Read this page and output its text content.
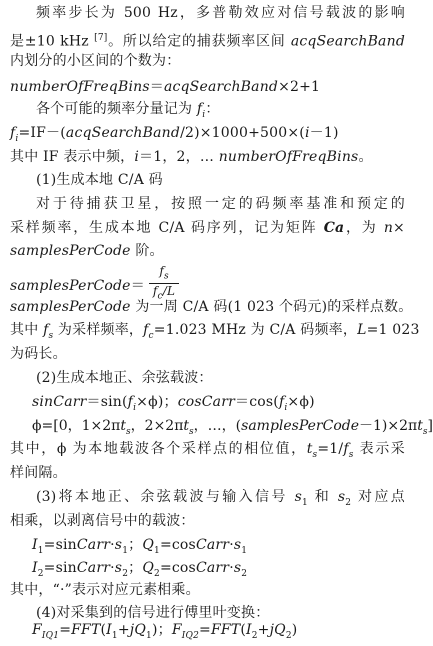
频率步长为 500 Hz，多普勒效应对信号载波的影响
是±10 kHz [7]。所以给定的捕获频率区间 acqSearchBand
内划分的小区间的个数为：
numberOfFreqBins＝acqSearchBand×2+1
各个可能的频率分量记为 $f_i$：
$f_i=IF-(acqSearchBand/2)\times 1000+500\times(i-1)$
其中 IF 表示中频，i＝1，2，… numberOfFreqBins。
(1)生成本地 C/A 码
对于待捕获卫星，按照一定的码频率基准和预定的
采样频率，生成本地 C/A 码序列，记为矩阵 Ca，为 n×
samplesPerCode 阶。
samplesPerCode＝ $\frac{f_s}{f_c/L}$
samplesPerCode 为一周 C/A 码(1 023 个码元)的采样点数。
其中 $f_s$ 为采样频率，$f_c=1.023$ MHz 为 C/A 码频率，L=1 023
为码长。
(2)生成本地正、余弦载波：
$sinCarr=\sin(f_i\times\phi)$；$cosCarr=\cos(f_i\times\phi)$
ϕ=[0，$1\times 2\pi t_s$，$2\times 2\pi t_s$，…，$(samplesPerCode-1)\times 2\pi t_s$]
其中，ϕ 为本地载波各个采样点的相位值，$t_s=1/f_s$ 表示采
样间隔。
(3)将本地正、余弦载波与输入信号 $s_1$ 和 $s_2$ 对应点
相乘，以剥离信号中的载波：
$I_1=sinCarr\cdot s_1$；$Q_1=cosCarr\cdot s_1$
$I_2=sinCarr\cdot s_2$；$Q_2=cosCarr\cdot s_2$
其中，“·”表示对应元素相乘。
(4)对采集到的信号进行傅里叶变换：
$F_{IQ1}=FFT(I_1+jQ_1)$；$F_{IQ2}=FFT(I_2+jQ_2)$
